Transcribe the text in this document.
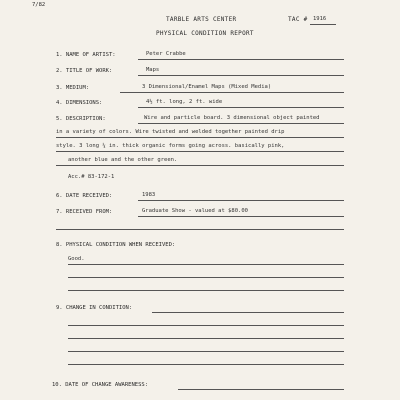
7/82
TARBLE ARTS CENTER	TAC # 1916
PHYSICAL CONDITION REPORT
1. NAME OF ARTIST:	Peter Crabbe
2. TITLE OF WORK:	Maps
3. MEDIUM:	3 Dimensional/Enamel Maps (Mixed Media)
4. DIMENSIONS:	4½ ft. long, 2 ft. wide
5. DESCRIPTION:	Wire and particle board. 3 dimensional object painted
in a variety of colors. Wire twisted and welded together painted drip
style. 3 long ¼ in. thick organic forms going across. basically pink,
another blue and the other green.
Acc.# 83-172-1
6. DATE RECEIVED:	1983
7. RECEIVED FROM:	Graduate Show - valued at $80.00
8. PHYSICAL CONDITION WHEN RECEIVED:
Good.
9. CHANGE IN CONDITION:
10. DATE OF CHANGE AWARENESS:
